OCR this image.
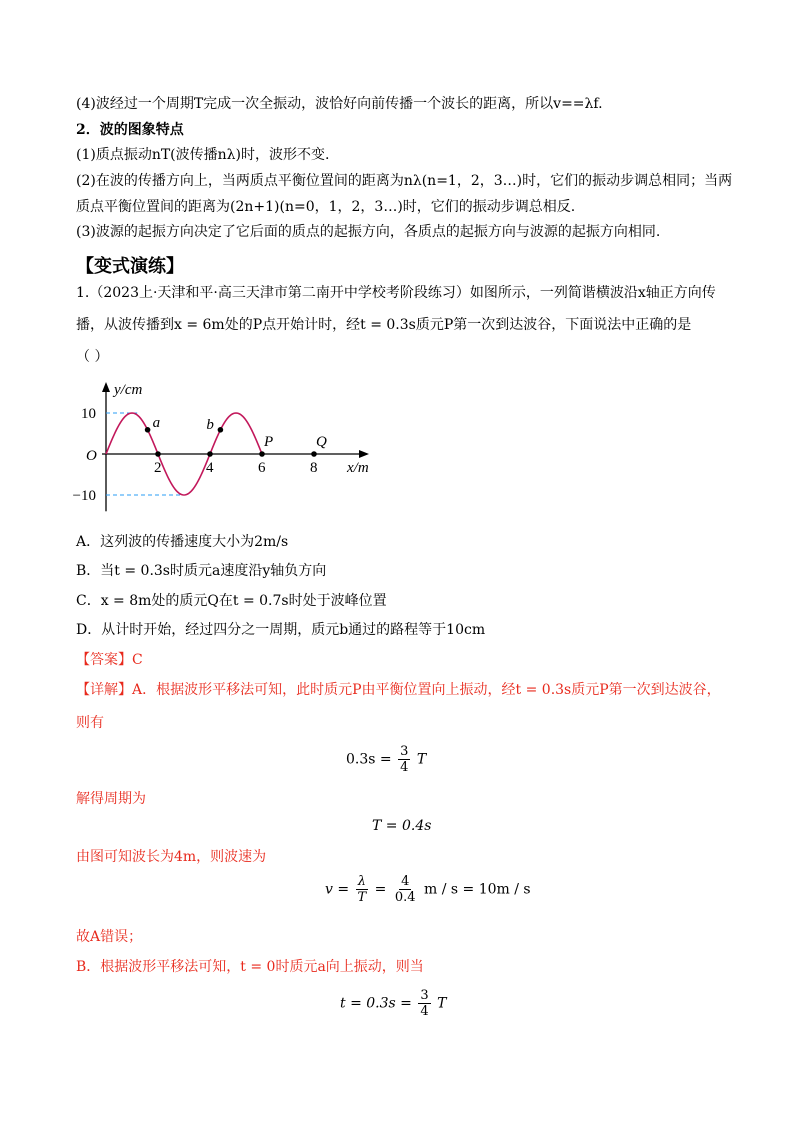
(4)波经过一个周期T完成一次全振动，波恰好向前传播一个波长的距离，所以v==λf.
2．波的图象特点
(1)质点振动nT(波传播nλ)时，波形不变.
(2)在波的传播方向上，当两质点平衡位置间的距离为nλ(n=1，2，3…)时，它们的振动步调总相同；当两
质点平衡位置间的距离为(2n+1)(n=0，1，2，3…)时，它们的振动步调总相反.
(3)波源的起振方向决定了它后面的质点的起振方向，各质点的起振方向与波源的起振方向相同.
【变式演练】
1.（2023上·天津和平·高三天津市第二南开中学校考阶段练习）如图所示，一列简谐横波沿x轴正方向传
播，从波传播到x = 6m处的P点开始计时，经t = 0.3s质元P第一次到达波谷，下面说法中正确的是
（ ）
y/cm
x/m
O
10
−10
2	4	6	8
a	b
P	Q
A．这列波的传播速度大小为2m/s
B．当t = 0.3s时质元a速度沿y轴负方向
C．x = 8m处的质元Q在t = 0.7s时处于波峰位置
D．从计时开始，经过四分之一周期，质元b通过的路程等于10cm
【答案】C
【详解】A．根据波形平移法可知，此时质元P由平衡位置向上振动，经t = 0.3s质元P第一次到达波谷，
则有
$0.3s = \frac{3}{4}$ T
解得周期为
T = 0.4s
由图可知波长为4m，则波速为
$v = \frac{\lambda}{T} = \frac{4}{0.4}$ m / s = 10m / s
故A错误；
B．根据波形平移法可知，t = 0时质元a向上振动，则当
$t = 0.3s = \frac{3}{4}$ T
